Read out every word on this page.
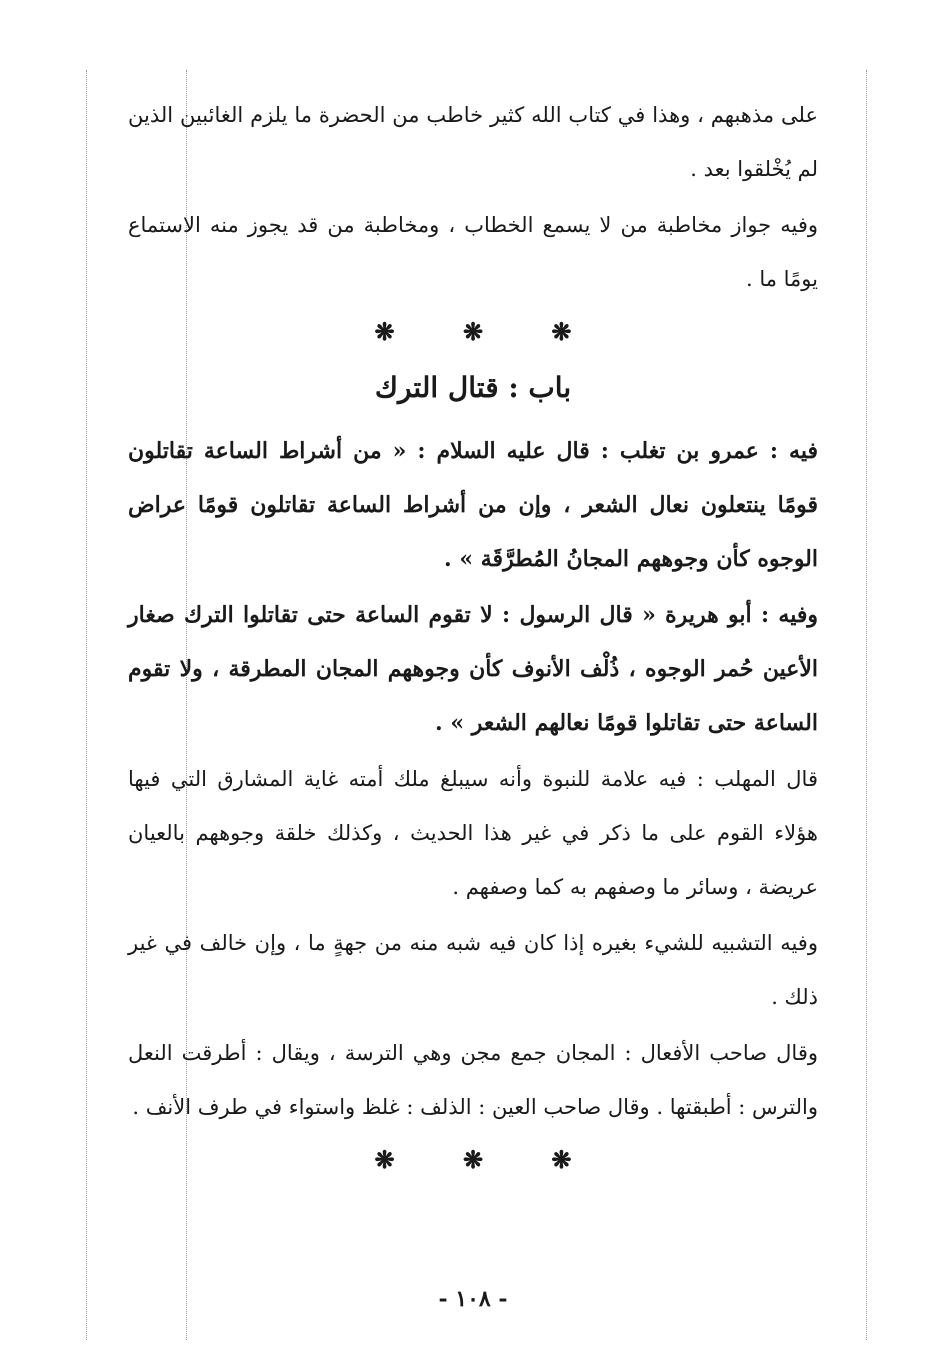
على مذهبهم ، وهذا في كتاب الله كثير خاطب من الحضرة ما يلزم الغائبين الذين لم يُخْلقوا بعد .

وفيه جواز مخاطبة من لا يسمع الخطاب ، ومخاطبة من قد يجوز منه الاستماع يومًا ما .

❋ ❋ ❋
باب : قتال الترك

فيه : عمرو بن تغلب : قال عليه السلام : « من أشراط الساعة تقاتلون قومًا ينتعلون نعال الشعر ، وإن من أشراط الساعة تقاتلون قومًا عراض الوجوه كأن وجوههم المجانُ المُطرَّقَة » .

وفيه : أبو هريرة « قال الرسول : لا تقوم الساعة حتى تقاتلوا الترك صغار الأعين حُمر الوجوه ، ذُلْف الأنوف كأن وجوههم المجان المطرقة ، ولا تقوم الساعة حتى تقاتلوا قومًا نعالهم الشعر » .

قال المهلب : فيه علامة للنبوة وأنه سيبلغ ملك أمته غاية المشارق التي فيها هؤلاء القوم على ما ذكر في غير هذا الحديث ، وكذلك خلقة وجوههم بالعيان عريضة ، وسائر ما وصفهم به كما وصفهم .

وفيه التشبيه للشيء بغيره إذا كان فيه شبه منه من جهةٍ ما ، وإن خالف في غير ذلك .

وقال صاحب الأفعال : المجان جمع مجن وهي الترسة ، ويقال : أطرقت النعل والترس : أطبقتها . وقال صاحب العين : الذلف : غلظ واستواء في طرف الأنف .

❋ ❋ ❋
- ١٠٨ -
